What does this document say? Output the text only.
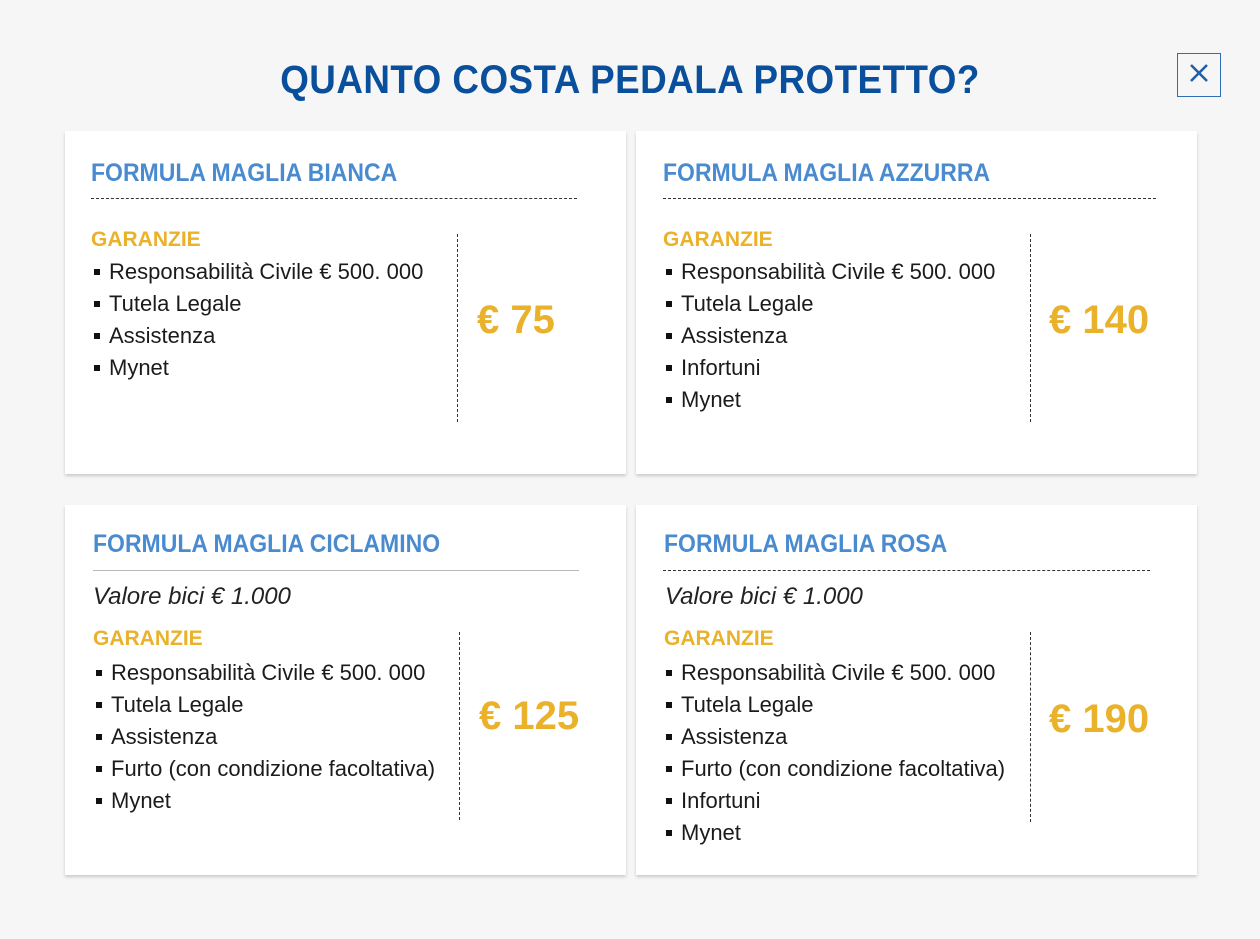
QUANTO COSTA PEDALA PROTETTO?
FORMULA MAGLIA BIANCA
GARANZIE
Responsabilità Civile € 500. 000
Tutela Legale
Assistenza
Mynet
€ 75
FORMULA MAGLIA AZZURRA
GARANZIE
Responsabilità Civile € 500. 000
Tutela Legale
Assistenza
Infortuni
Mynet
€ 140
FORMULA MAGLIA CICLAMINO
Valore bici € 1.000
GARANZIE
Responsabilità Civile € 500. 000
Tutela Legale
Assistenza
Furto (con condizione facoltativa)
Mynet
€ 125
FORMULA MAGLIA ROSA
Valore bici € 1.000
GARANZIE
Responsabilità Civile € 500. 000
Tutela Legale
Assistenza
Furto (con condizione facoltativa)
Infortuni
Mynet
€ 190
